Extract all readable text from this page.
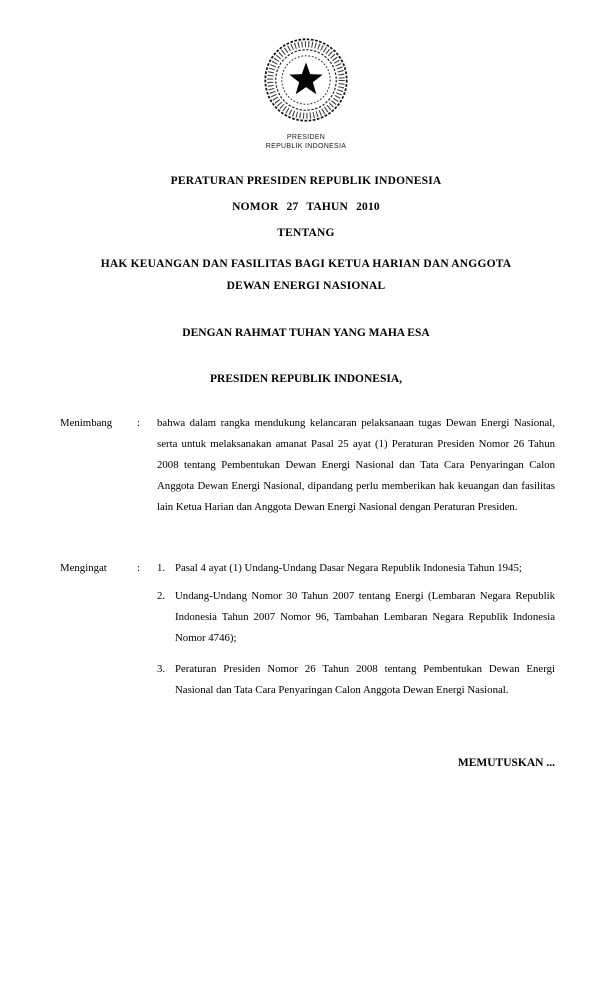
PRESIDEN
REPUBLIK INDONESIA
PERATURAN PRESIDEN REPUBLIK INDONESIA
NOMOR 27 TAHUN 2010
TENTANG
HAK KEUANGAN DAN FASILITAS BAGI KETUA HARIAN DAN ANGGOTA
DEWAN ENERGI NASIONAL
DENGAN RAHMAT TUHAN YANG MAHA ESA
PRESIDEN REPUBLIK INDONESIA,
Menimbang	:	bahwa dalam rangka mendukung kelancaran pelaksanaan tugas Dewan Energi Nasional, serta untuk melaksanakan amanat Pasal 25 ayat (1) Peraturan Presiden Nomor 26 Tahun 2008 tentang Pembentukan Dewan Energi Nasional dan Tata Cara Penyaringan Calon Anggota Dewan Energi Nasional, dipandang perlu memberikan hak keuangan dan fasilitas lain Ketua Harian dan Anggota Dewan Energi Nasional dengan Peraturan Presiden.
Mengingat	:	1. Pasal 4 ayat (1) Undang-Undang Dasar Negara Republik Indonesia Tahun 1945;
2. Undang-Undang Nomor 30 Tahun 2007 tentang Energi (Lembaran Negara Republik Indonesia Tahun 2007 Nomor 96, Tambahan Lembaran Negara Republik Indonesia Nomor 4746);
3. Peraturan Presiden Nomor 26 Tahun 2008 tentang Pembentukan Dewan Energi Nasional dan Tata Cara Penyaringan Calon Anggota Dewan Energi Nasional.
MEMUTUSKAN ...
